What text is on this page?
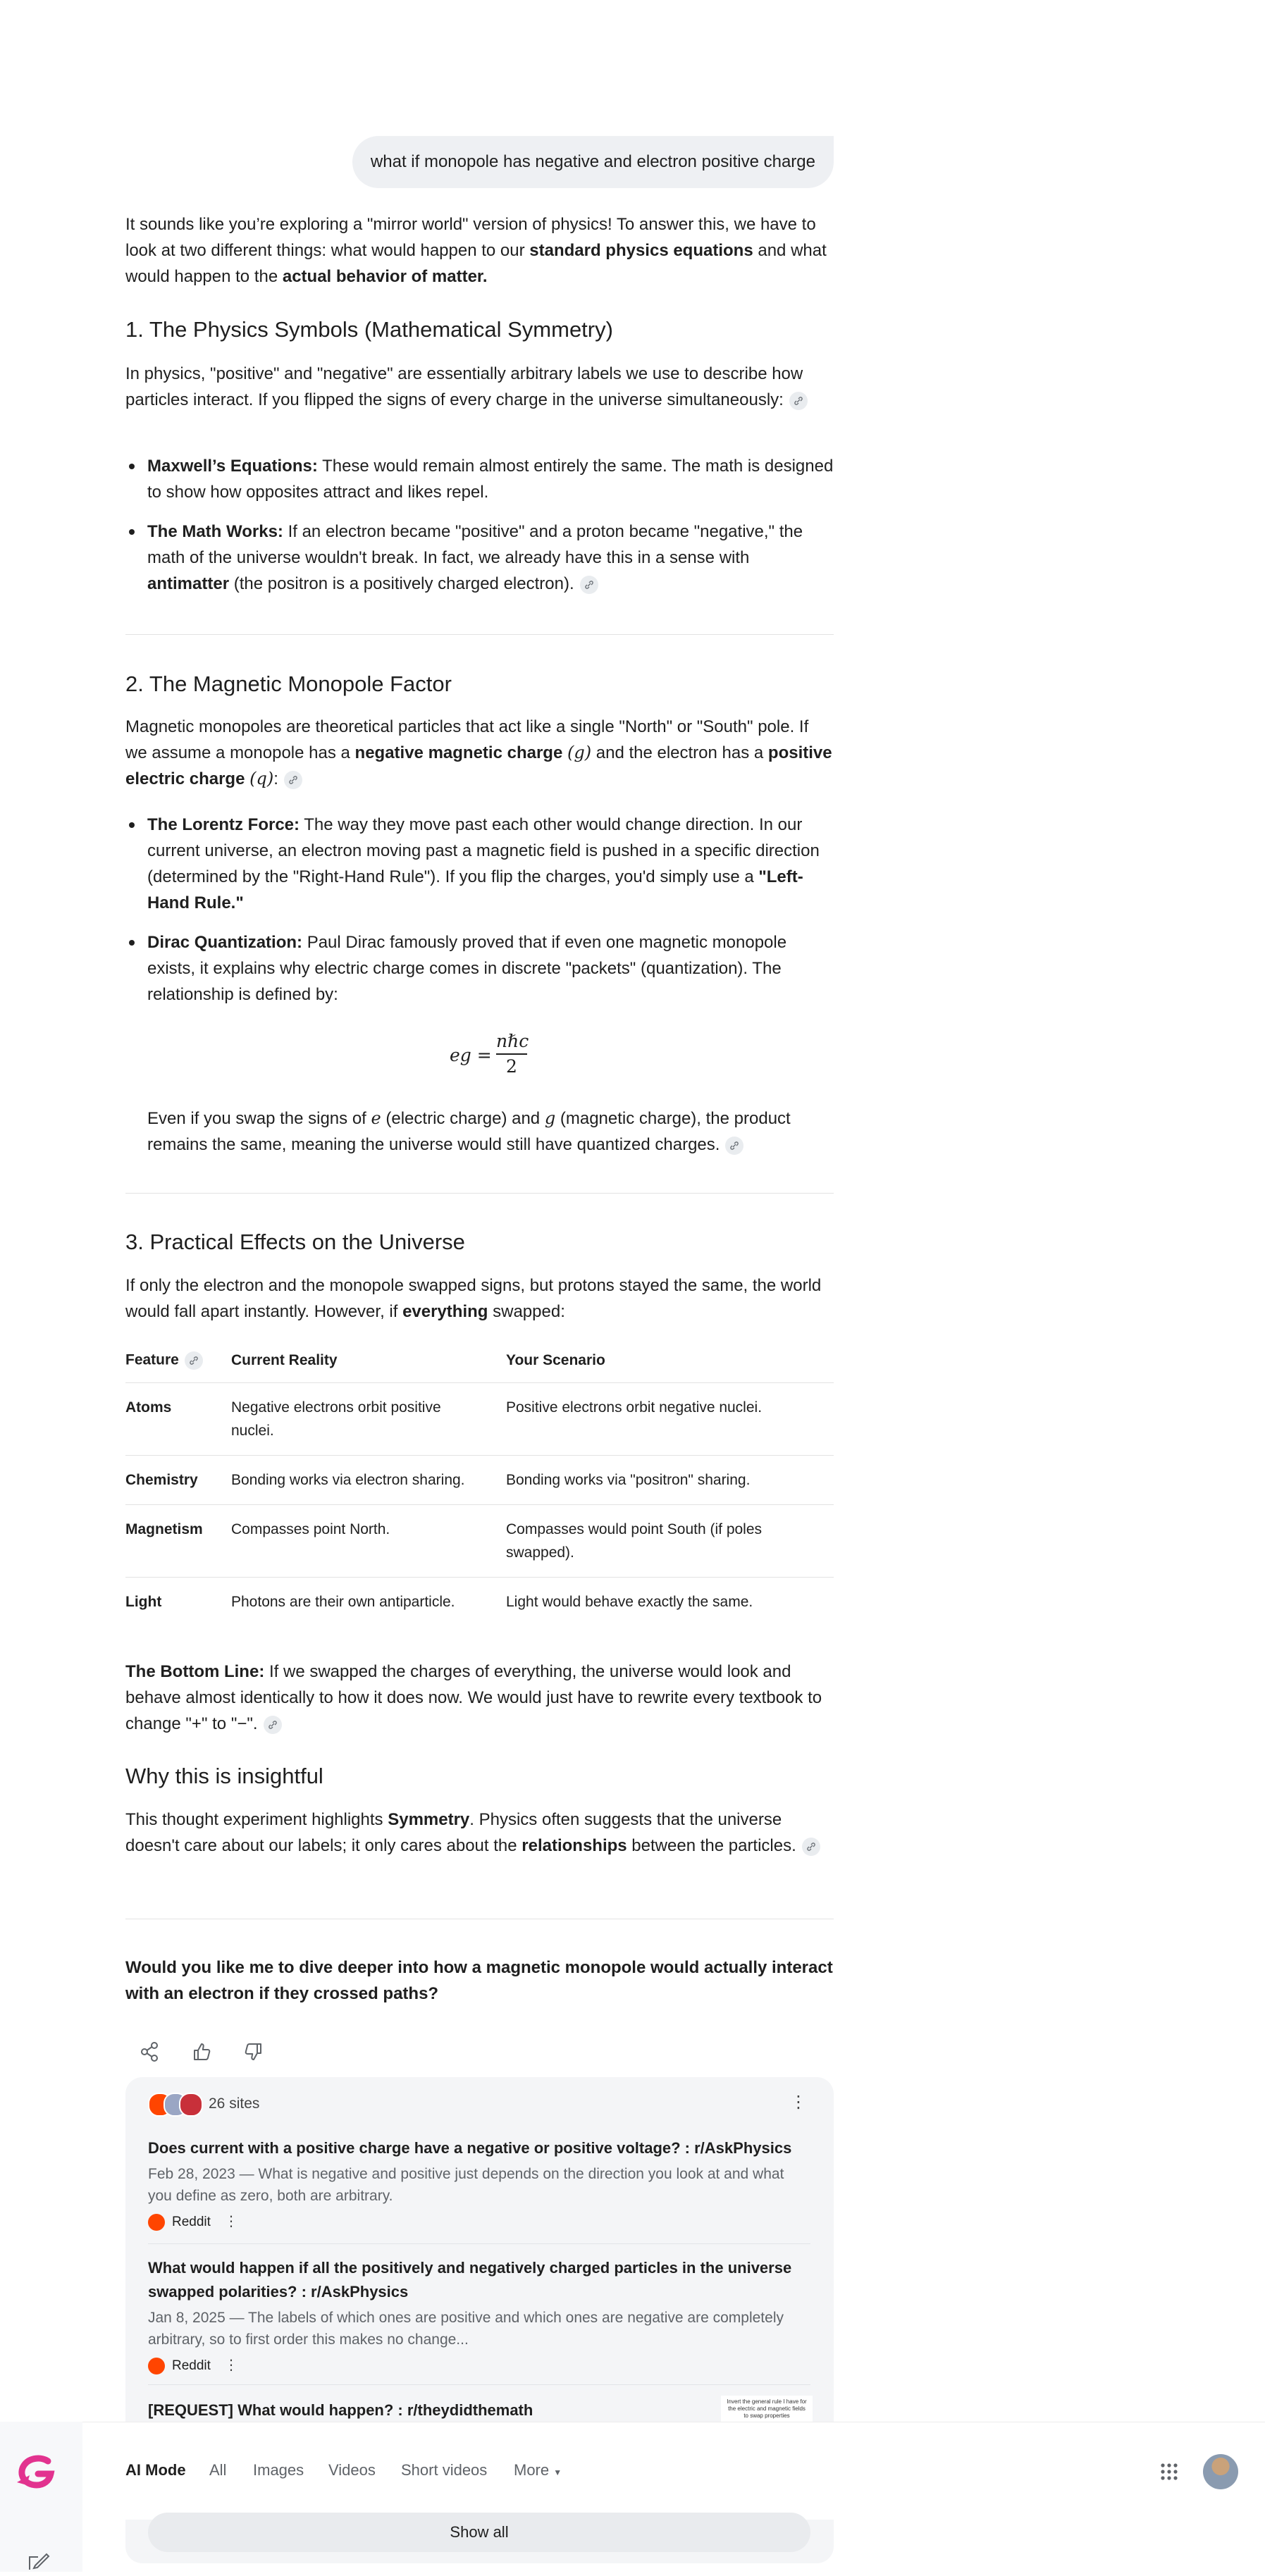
what if monopole has negative and electron positive charge

It sounds like you’re exploring a "mirror world" version of physics! To answer this, we have to look at two different things: what would happen to our standard physics equations and what would happen to the actual behavior of matter.

1. The Physics Symbols (Mathematical Symmetry)

In physics, "positive" and "negative" are essentially arbitrary labels we use to describe how particles interact. If you flipped the signs of every charge in the universe simultaneously:

Maxwell’s Equations: These would remain almost entirely the same. The math is designed to show how opposites attract and likes repel.
The Math Works: If an electron became "positive" and a proton became "negative," the math of the universe wouldn't break. In fact, we already have this in a sense with antimatter (the positron is a positively charged electron).
2. The Magnetic Monopole Factor

Magnetic monopoles are theoretical particles that act like a single "North" or "South" pole. If we assume a monopole has a negative magnetic charge (g) and the electron has a positive electric charge (q):

The Lorentz Force: The way they move past each other would change direction. In our current universe, an electron moving past a magnetic field is pushed in a specific direction (determined by the "Right-Hand Rule"). If you flip the charges, you'd simply use a "Left-Hand Rule."
Dirac Quantization: Paul Dirac famously proved that if even one magnetic monopole exists, it explains why electric charge comes in discrete "packets" (quantization). The relationship is defined by:
eg =
nℏc
2

Even if you swap the signs of e (electric charge) and g (magnetic charge), the product remains the same, meaning the universe would still have quantized charges.

3. Practical Effects on the Universe

If only the electron and the monopole swapped signs, but protons stayed the same, the world would fall apart instantly. However, if everything swapped:

Feature	Current Reality	Your Scenario
Atoms	Negative electrons orbit positive nuclei.	Positive electrons orbit negative nuclei.
Chemistry	Bonding works via electron sharing.	Bonding works via "positron" sharing.
Magnetism	Compasses point North.	Compasses would point South (if poles swapped).
Light	Photons are their own antiparticle.	Light would behave exactly the same.

The Bottom Line: If we swapped the charges of everything, the universe would look and behave almost identically to how it does now. We would just have to rewrite every textbook to change "+" to "−".

Why this is insightful

This thought experiment highlights Symmetry. Physics often suggests that the universe doesn't care about our labels; it only cares about the relationships between the particles.

Would you like me to dive deeper into how a magnetic monopole would actually interact with an electron if they crossed paths?

26 sites	⋮
Does current with a positive charge have a negative or positive voltage? : r/AskPhysics
Feb 28, 2023 — What is negative and positive just depends on the direction you look at and what you define as zero, both are arbitrary.
Reddit ⋮
What would happen if all the positively and negatively charged particles in the universe swapped polarities? : r/AskPhysics
Jan 8, 2025 — The labels of which ones are positive and which ones are negative are completely arbitrary, so to first order this makes no change...
Reddit ⋮
[REQUEST] What would happen? : r/theydidthemath	Invert the general rule I have for the electric and magnetic fields to swap properties
AI Mode All Images Videos Short videos More ▼
Show all
